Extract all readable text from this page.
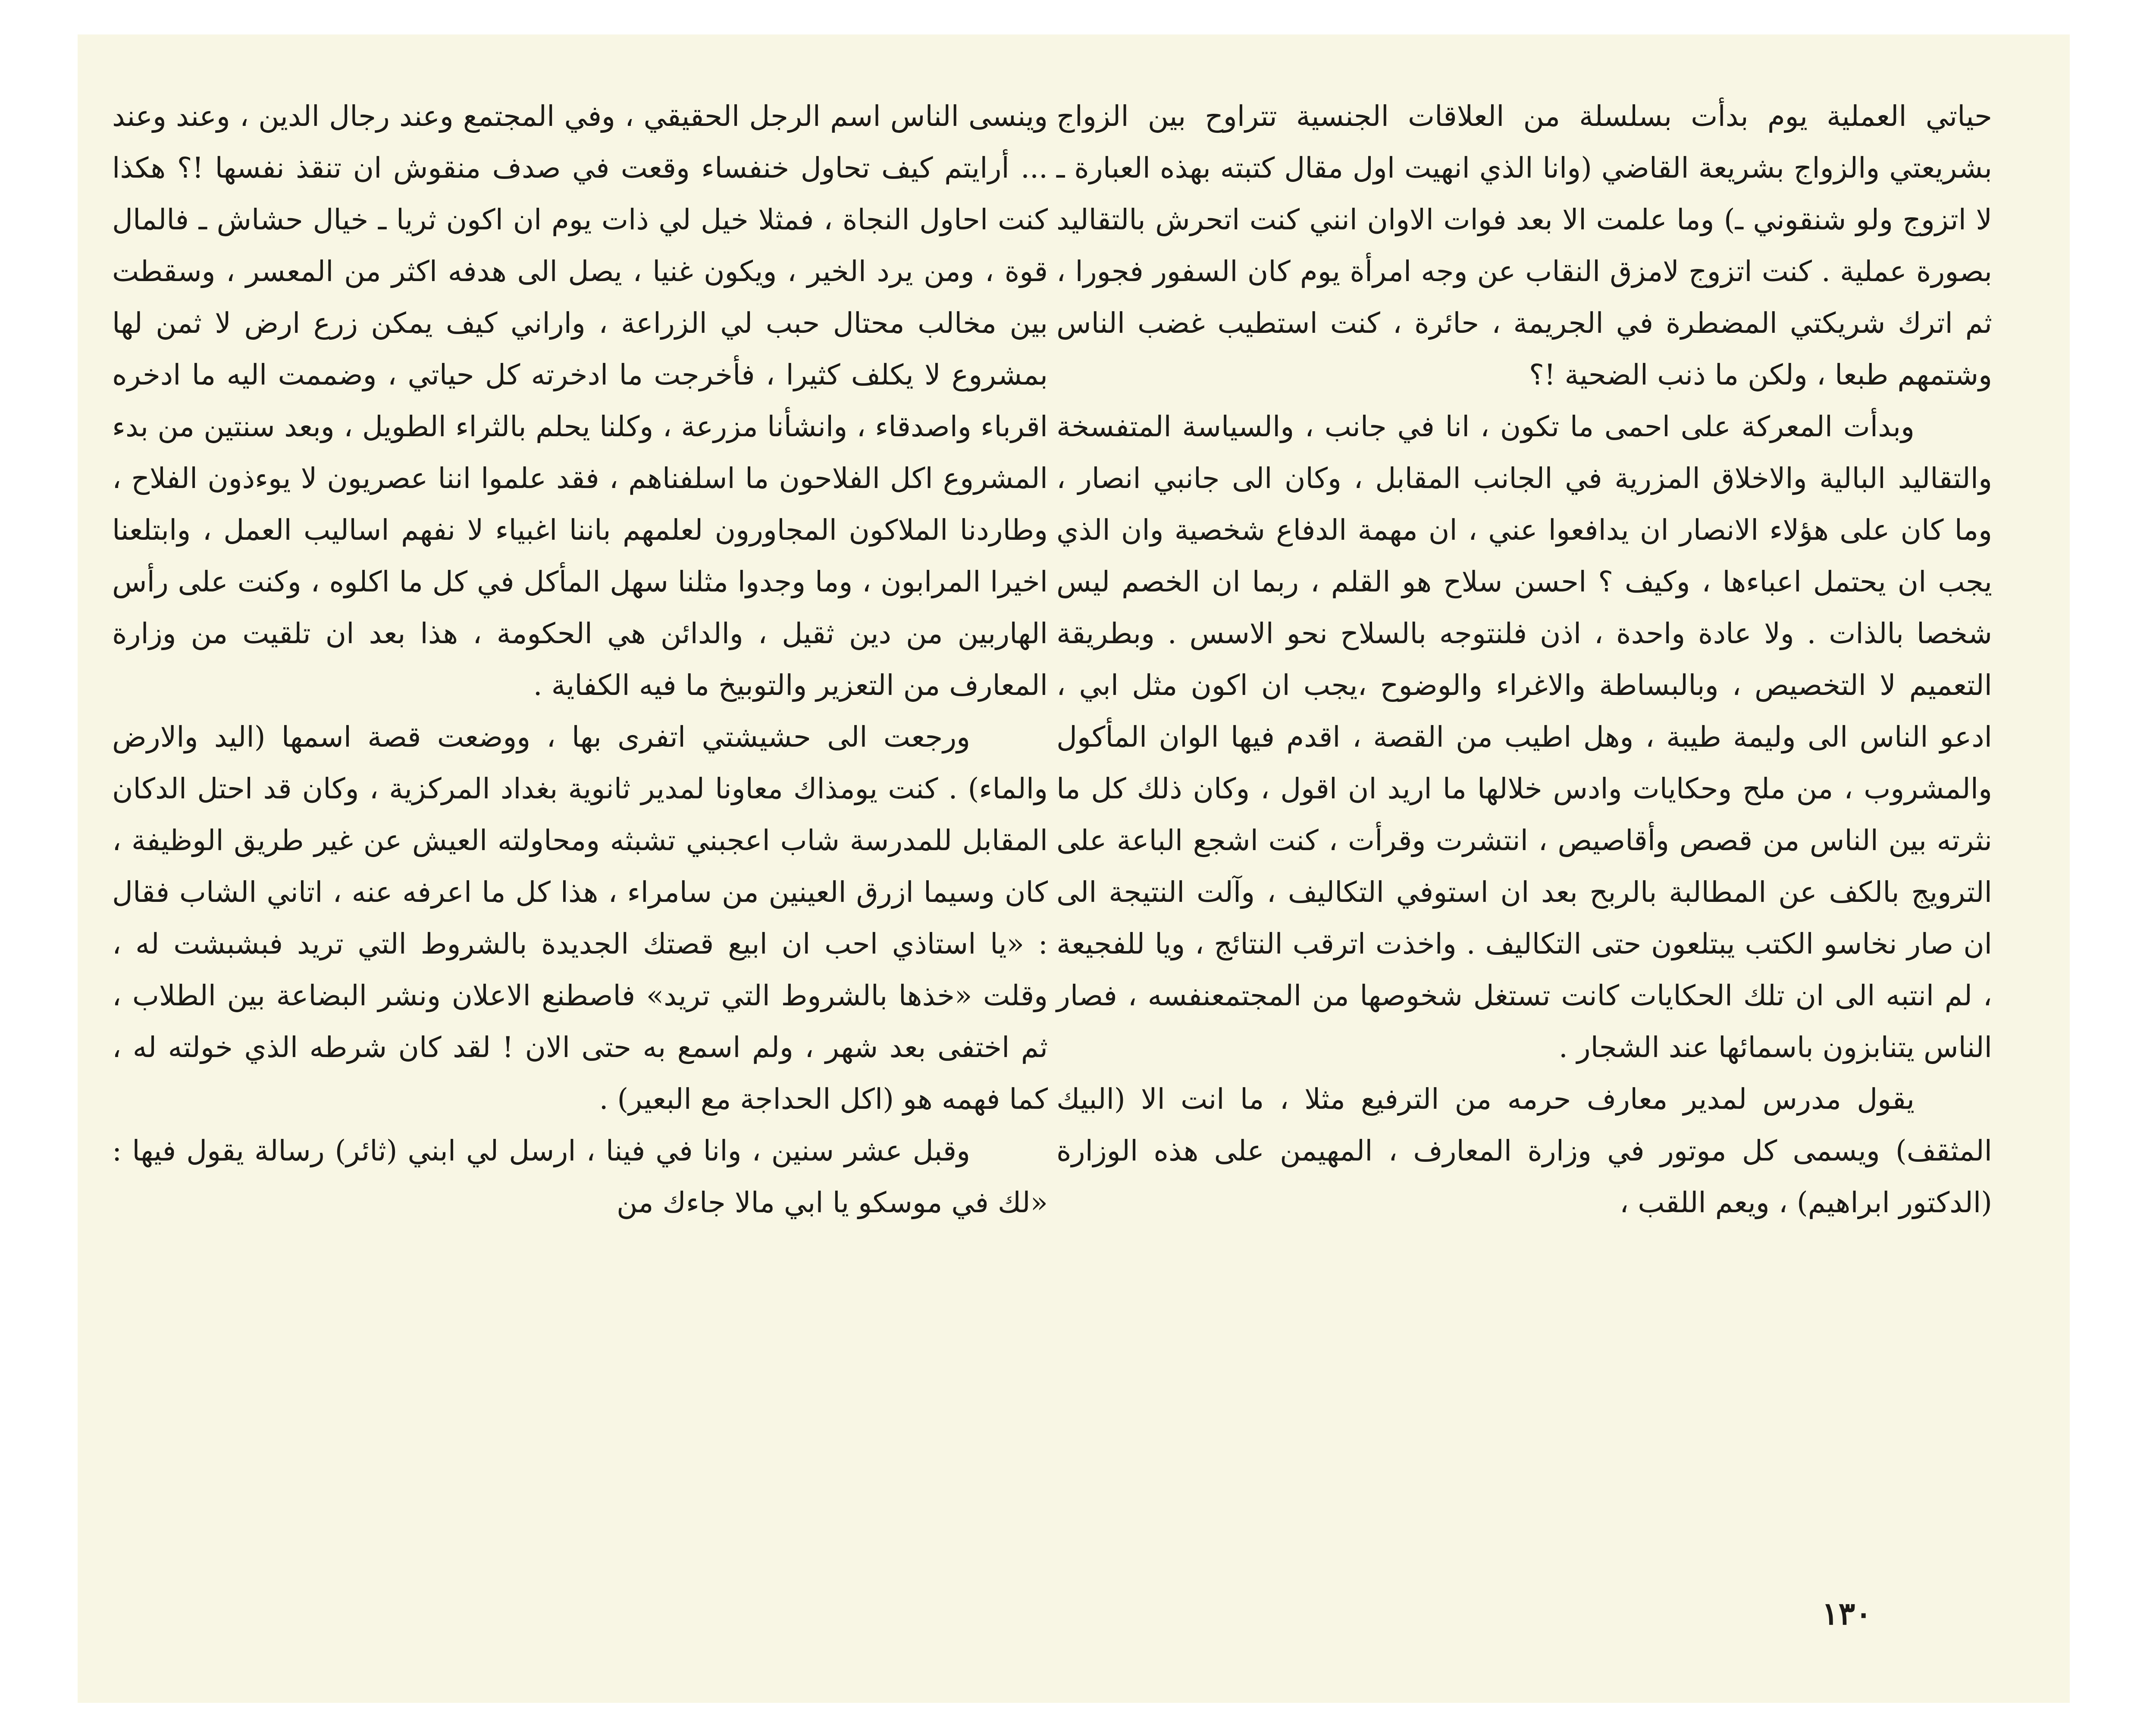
حياتي العملية يوم بدأت بسلسلة من العلاقات الجنسية تتراوح بين الزواج بشريعتي والزواج بشريعة القاضي (وانا الذي انهيت اول مقال كتبته بهذه العبارة ـ لا اتزوج ولو شنقوني ـ) وما علمت الا بعد فوات الاوان انني كنت اتحرش بالتقاليد بصورة عملية . كنت اتزوج لامزق النقاب عن وجه امرأة يوم كان السفور فجورا ، ثم اترك شريكتي المضطرة في الجريمة ، حائرة ، كنت استطيب غضب الناس وشتمهم طبعا ، ولكن ما ذنب الضحية !؟

وبدأت المعركة على احمى ما تكون ، انا في جانب ، والسياسة المتفسخة والتقاليد البالية والاخلاق المزرية في الجانب المقابل ، وكان الى جانبي انصار ، وما كان على هؤلاء الانصار ان يدافعوا عني ، ان مهمة الدفاع شخصية وان الذي يجب ان يحتمل اعباءها ، وكيف ؟ احسن سلاح هو القلم ، ربما ان الخصم ليس شخصا بالذات . ولا عادة واحدة ، اذن فلنتوجه بالسلاح نحو الاسس . وبطريقة التعميم لا التخصيص ، وبالبساطة والاغراء والوضوح ،يجب ان اكون مثل ابي ، ادعو الناس الى وليمة طيبة ، وهل اطيب من القصة ، اقدم فيها الوان المأكول والمشروب ، من ملح وحكايات وادس خلالها ما اريد ان اقول ، وكان ذلك كل ما نثرته بين الناس من قصص وأقاصيص ، انتشرت وقرأت ، كنت اشجع الباعة على الترويج بالكف عن المطالبة بالربح بعد ان استوفي التكاليف ، وآلت النتيجة الى ان صار نخاسو الكتب يبتلعون حتى التكاليف . واخذت اترقب النتائج ، ويا للفجيعة ، لم انتبه الى ان تلك الحكايات كانت تستغل شخوصها من المجتمعنفسه ، فصار الناس يتنابزون باسمائها عند الشجار .

يقول مدرس لمدير معارف حرمه من الترفيع مثلا ، ما انت الا (البيك المثقف) ويسمى كل موتور في وزارة المعارف ، المهيمن على هذه الوزارة (الدكتور ابراهيم) ، ويعم اللقب ،

وينسى الناس اسم الرجل الحقيقي ، وفي المجتمع وعند رجال الدين ، وعند وعند ... أرايتم كيف تحاول خنفساء وقعت في صدف منقوش ان تنقذ نفسها !؟ هكذا كنت احاول النجاة ، فمثلا خيل لي ذات يوم ان اكون ثريا ـ خيال حشاش ـ فالمال قوة ، ومن يرد الخير ، ويكون غنيا ، يصل الى هدفه اكثر من المعسر ، وسقطت بين مخالب محتال حبب لي الزراعة ، واراني كيف يمكن زرع ارض لا ثمن لها بمشروع لا يكلف كثيرا ، فأخرجت ما ادخرته كل حياتي ، وضممت اليه ما ادخره اقرباء واصدقاء ، وانشأنا مزرعة ، وكلنا يحلم بالثراء الطويل ، وبعد سنتين من بدء المشروع اكل الفلاحون ما اسلفناهم ، فقد علموا اننا عصريون لا يوءذون الفلاح ، وطاردنا الملاكون المجاورون لعلمهم باننا اغبياء لا نفهم اساليب العمل ، وابتلعنا اخيرا المرابون ، وما وجدوا مثلنا سهل المأكل في كل ما اكلوه ، وكنت على رأس الهاربين من دين ثقيل ، والدائن هي الحكومة ، هذا بعد ان تلقيت من وزارة المعارف من التعزير والتوبيخ ما فيه الكفاية .

ورجعت الى حشيشتي اتفرى بها ، ووضعت قصة اسمها (اليد والارض والماء) . كنت يومذاك معاونا لمدير ثانوية بغداد المركزية ، وكان قد احتل الدكان المقابل للمدرسة شاب اعجبني تشبثه ومحاولته العيش عن غير طريق الوظيفة ، كان وسيما ازرق العينين من سامراء ، هذا كل ما اعرفه عنه ، اتاني الشاب فقال : «يا استاذي احب ان ابيع قصتك الجديدة بالشروط التي تريد فبشبشت له ، وقلت «خذها بالشروط التي تريد» فاصطنع الاعلان ونشر البضاعة بين الطلاب ، ثم اختفى بعد شهر ، ولم اسمع به حتى الان ! لقد كان شرطه الذي خولته له ، كما فهمه هو (اكل الحداجة مع البعير) .

وقبل عشر سنين ، وانا في فينا ، ارسل لي ابني (ثائر) رسالة يقول فيها : «لك في موسكو يا ابي مالا جاءك من

١٣٠
